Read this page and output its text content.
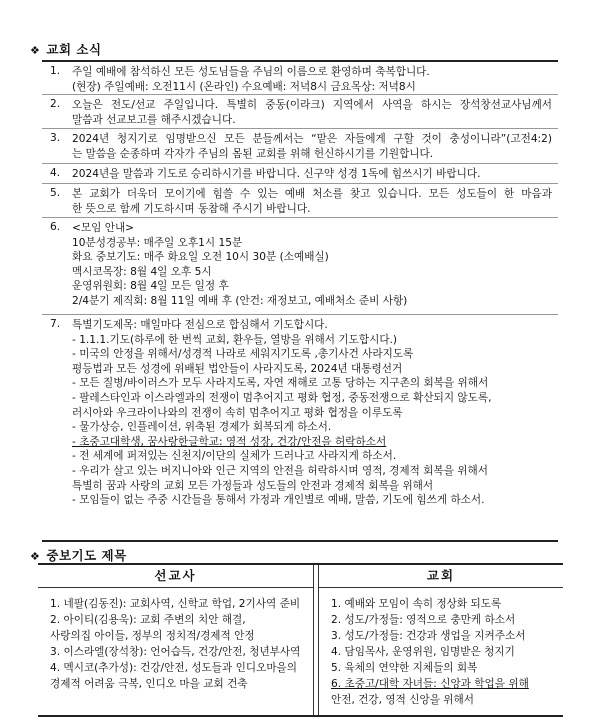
❖ 교회 소식
1.	주일 예배에 참석하신 모든 성도님들을 주님의 이름으로 환영하며 축복합니다.
(현장) 주일예배: 오전11시 (온라인) 수요예배: 저녁8시 금요목상: 저녁8시
2.	오늘은 전도/선교 주일입니다. 특별히 중동(이라크) 지역에서 사역을 하시는 장석창선교사님께서
말씀과 선교보고를 해주시겠습니다.
3.	2024년 청지기로 임명받으신 모든 분들께서는 “맡은 자들에게 구할 것이 충성이니라”(고전4:2)
는 말씀을 순종하며 각자가 주님의 몸된 교회를 위해 헌신하시기를 기원합니다.
4.	2024년을 말씀과 기도로 승리하시기를 바랍니다. 신구약 성경 1독에 힘쓰시기 바랍니다.
5.	본 교회가 더욱더 모이기에 힘쓸 수 있는 예배 처소를 찾고 있습니다. 모든 성도들이 한 마음과
한 뜻으로 함께 기도하시며 동참해 주시기 바랍니다.
6.	<모임 안내>
10분성경공부: 매주일 오후1시 15분
화요 중보기도: 매주 화요일 오전 10시 30분 (소예배실)
멕시코목장: 8월 4일 오후 5시
운영위원회: 8월 4일 모든 일정 후
2/4분기 제직회: 8월 11일 예배 후 (안건: 재정보고, 예배처소 준비 사항)
7.	특별기도제목: 매일마다 전심으로 합심해서 기도합시다.
- 1.1.1.기도(하루에 한 번씩 교회, 환우들, 열방을 위해서 기도합시다.)
- 미국의 안정을 위해서/성경적 나라로 세워지기도록 ,총기사건 사라지도록
평등법과 모든 성경에 위배된 법안들이 사라지도록, 2024년 대통령선거
- 모든 질병/바이러스가 모두 사라지도록, 자연 재해로 고통 당하는 지구촌의 회복을 위해서
- 팔레스타인과 이스라엘과의 전쟁이 멈추어지고 평화 협정, 중동전쟁으로 확산되지 않도록,
러시아와 우크라이나와의 전쟁이 속히 멈추어지고 평화 협정을 이루도록
- 물가상승, 인플레이션, 위축된 경제가 회복되게 하소서.
- 초중고대학생, 꿈사랑한글학교: 영적 성장, 건강/안전을 허락하소서
- 전 세계에 퍼져있는 신천지/이단의 실체가 드러나고 사라지게 하소서.
- 우리가 살고 있는 버지니아와 인근 지역의 안전을 허락하시며 영적, 경제적 회복을 위해서
특별히 꿈과 사랑의 교회 모든 가정들과 성도들의 안전과 경제적 회복을 위해서
- 모임들이 없는 주중 시간들을 통해서 가정과 개인별로 예배, 말씀, 기도에 힘쓰게 하소서.
❖ 중보기도 제목
선교사
1. 네팔(김동진): 교회사역, 신학교 학업, 2기사역 준비
2. 아이티(김용욱): 교회 주변의 치안 해결,
사랑의집 아이들, 정부의 정치적/경제적 안정
3. 이스라엘(장석창): 언어습득, 건강/안전, 청년부사역
4. 멕시코(추가성): 건강/안전, 성도들과 인디오마을의
경제적 어려움 극복, 인디오 마을 교회 건축
교회
1. 예배와 모임이 속히 정상화 되도록
2. 성도/가정들: 영적으로 충만케 하소서
3. 성도/가정들: 건강과 생업을 지켜주소서
4. 담임목사, 운영위원, 임명받은 청지기
5. 육체의 연약한 지체들의 회복
6. 초중고/대학 자녀들: 신앙과 학업을 위해
안전, 건강, 영적 신앙을 위해서
